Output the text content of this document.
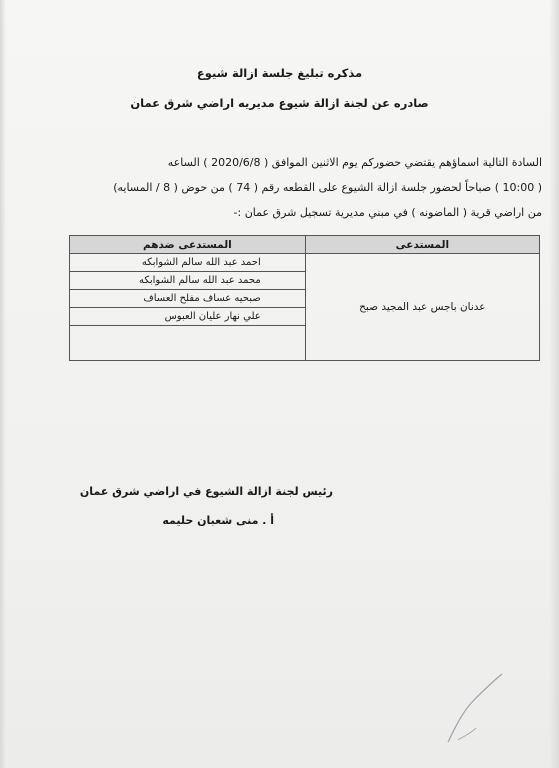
مذكره تبليغ جلسة ازالة شيوع
صادره عن لجنة ازالة شيوع مديريه اراضي شرق عمان
السادة التالية اسماؤهم يقتضي حضوركم يوم الاثنين الموافق ( 2020/6/8 ) الساعه
( 10:00 ) صباحاً لحضور جلسة ازالة الشيوع على القطعه رقم ( 74 ) من حوض ( 8 / المسايه)
من اراضي قرية ( الماضونه ) في مبني مديرية تسجيل شرق عمان :-
المستدعى	المستدعى ضدهم
عدنان باجس عبد المجيد صبح	احمد عبد الله سالم الشوابكه
محمد عبد الله سالم الشوابكه
صبحيه عساف مفلح العساف
علي نهار عليان العبوس
رئيس لجنة ازالة الشيوع في اراضي شرق عمان
أ . منى شعبان حليمه
